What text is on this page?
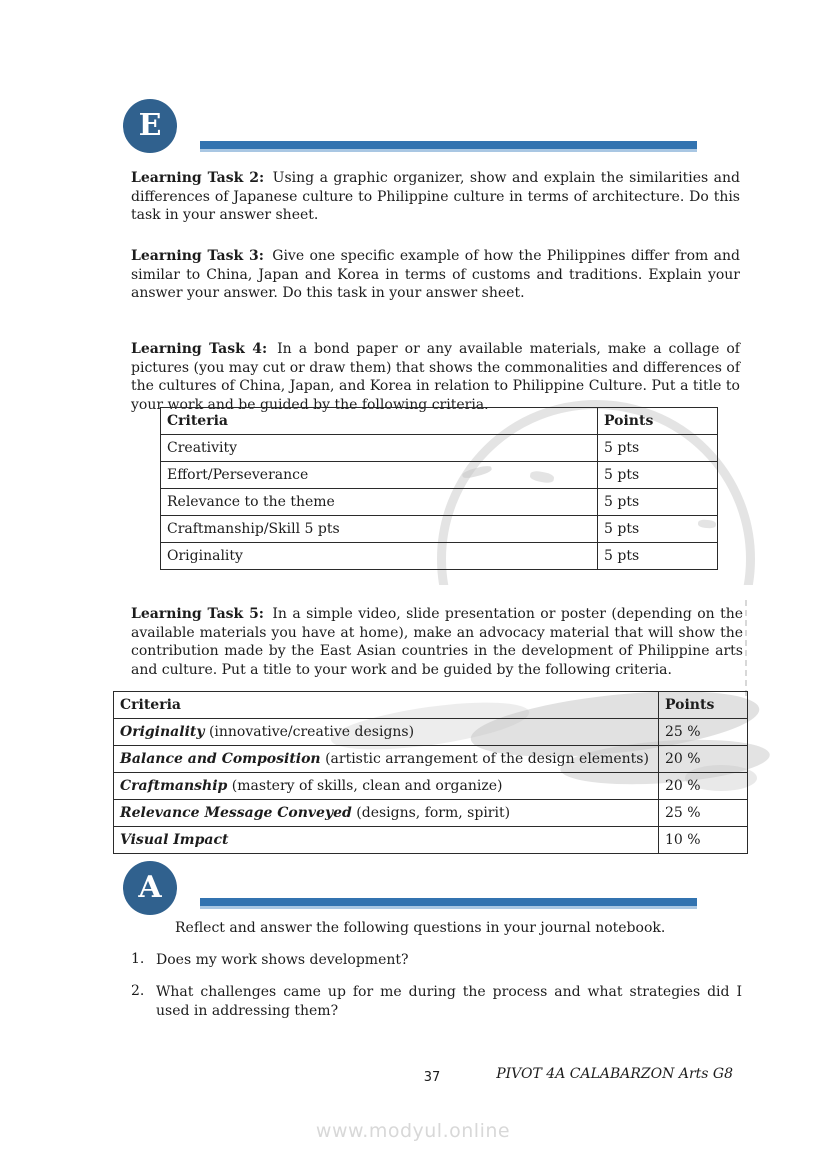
E

Learning Task 2: Using a graphic organizer, show and explain the similarities and differences of Japanese culture to Philippine culture in terms of architecture. Do this task in your answer sheet.

Learning Task 3: Give one specific example of how the Philippines differ from and similar to China, Japan and Korea in terms of customs and traditions. Explain your answer your answer. Do this task in your answer sheet.

Learning Task 4: In a bond paper or any available materials, make a collage of pictures (you may cut or draw them) that shows the commonalities and differences of the cultures of China, Japan, and Korea in relation to Philippine Culture. Put a title to your work and be guided by the following criteria.

Criteria	Points
Creativity	5 pts
Effort/Perseverance	5 pts
Relevance to the theme	5 pts
Craftmanship/Skill 5 pts	5 pts
Originality	5 pts

Learning Task 5: In a simple video, slide presentation or poster (depending on the available materials you have at home), make an advocacy material that will show the contribution made by the East Asian countries in the development of Philippine arts and culture. Put a title to your work and be guided by the following criteria.

Criteria	Points
Originality (innovative/creative designs)	25 %
Balance and Composition (artistic arrangement of the design elements)	20 %
Craftmanship (mastery of skills, clean and organize)	20 %
Relevance Message Conveyed (designs, form, spirit)	25 %
Visual Impact	10 %
A
Reflect and answer the following questions in your journal notebook.
1. Does my work shows development?
2. What challenges came up for me during the process and what strategies did I used in addressing them?
37	PIVOT 4A CALABARZON Arts G8
www.modyul.online
